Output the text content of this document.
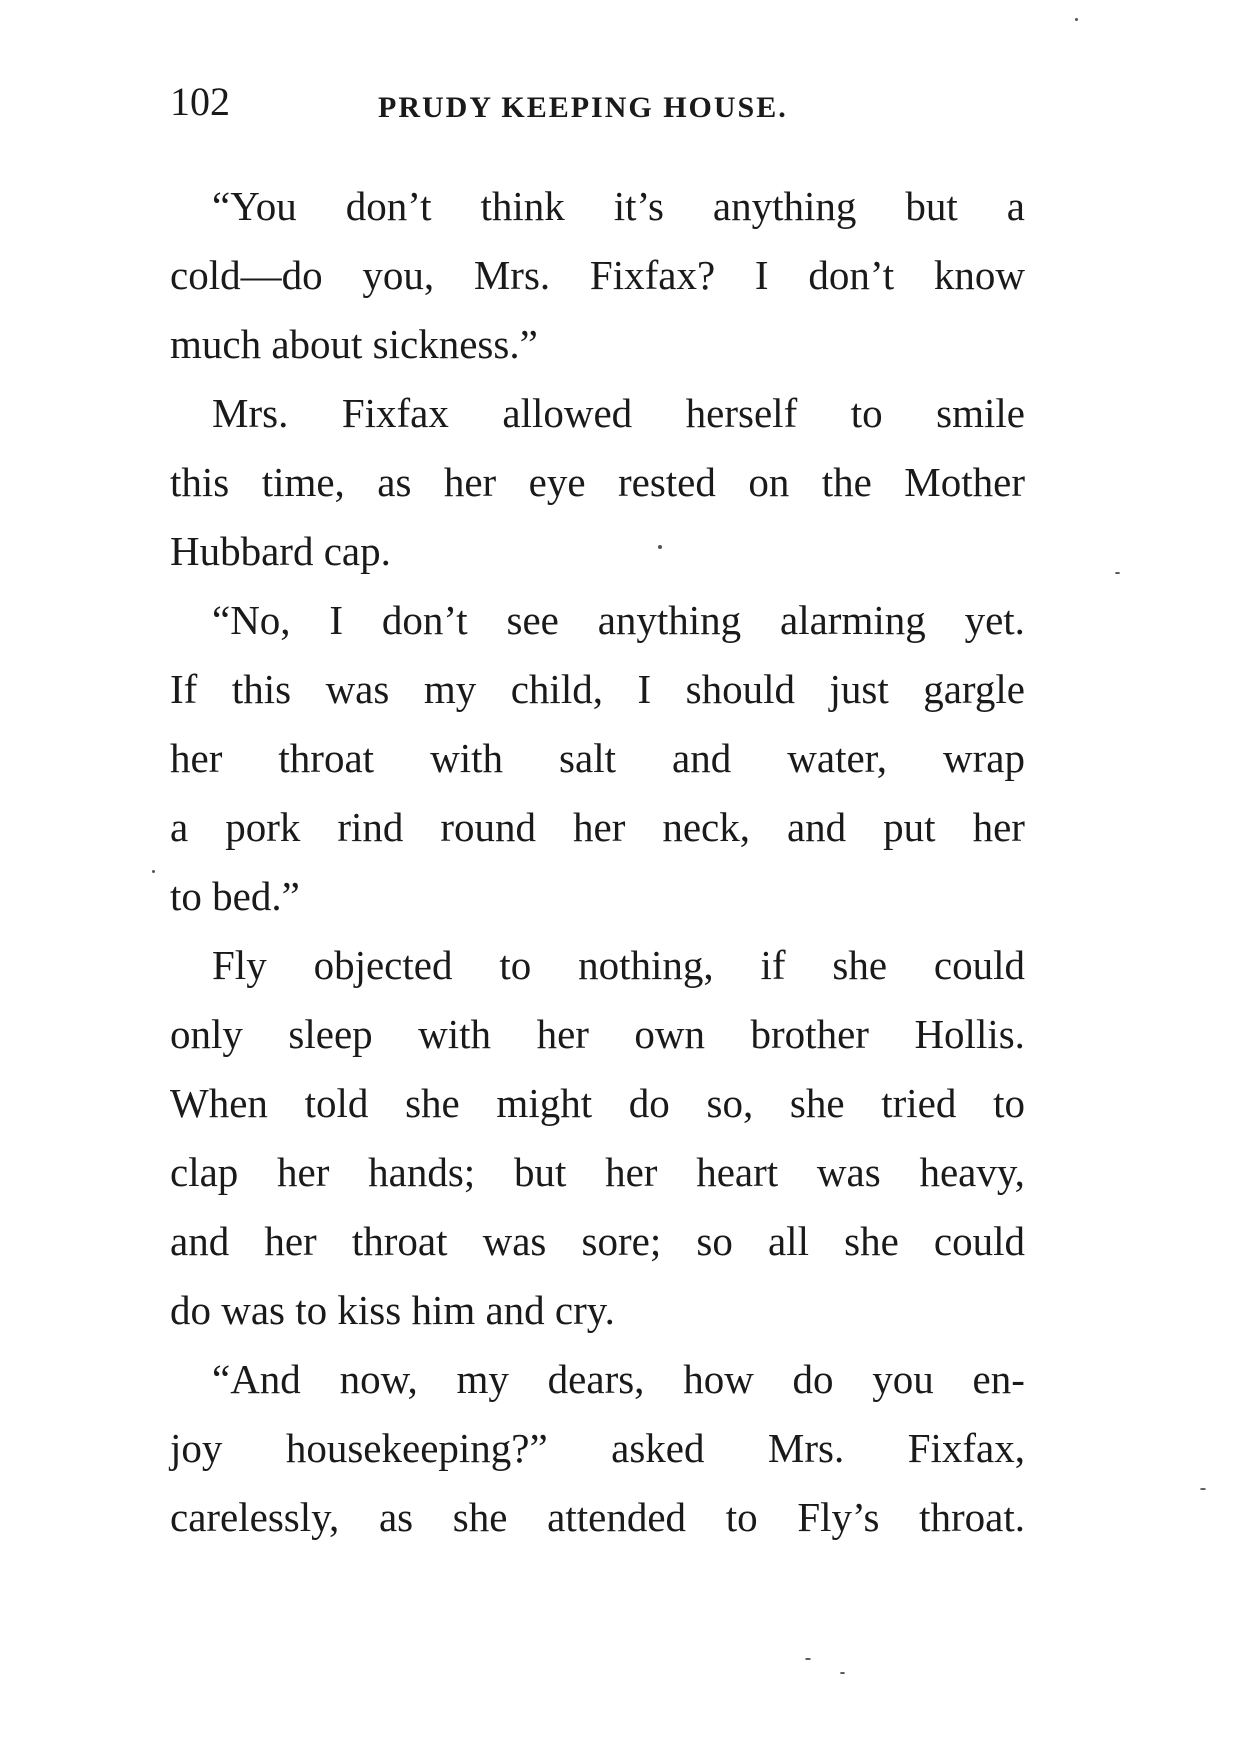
102	PRUDY KEEPING HOUSE.
“You don’t think it’s anything but a
cold—do you, Mrs. Fixfax? I don’t know
much about sickness.”
Mrs. Fixfax allowed herself to smile
this time, as her eye rested on the Mother
Hubbard cap.
“No, I don’t see anything alarming yet.
If this was my child, I should just gargle
her throat with salt and water, wrap
a pork rind round her neck, and put her
to bed.”
Fly objected to nothing, if she could
only sleep with her own brother Hollis.
When told she might do so, she tried to
clap her hands; but her heart was heavy,
and her throat was sore; so all she could
do was to kiss him and cry.
“And now, my dears, how do you en-
joy housekeeping?” asked Mrs. Fixfax,
carelessly, as she attended to Fly’s throat.
